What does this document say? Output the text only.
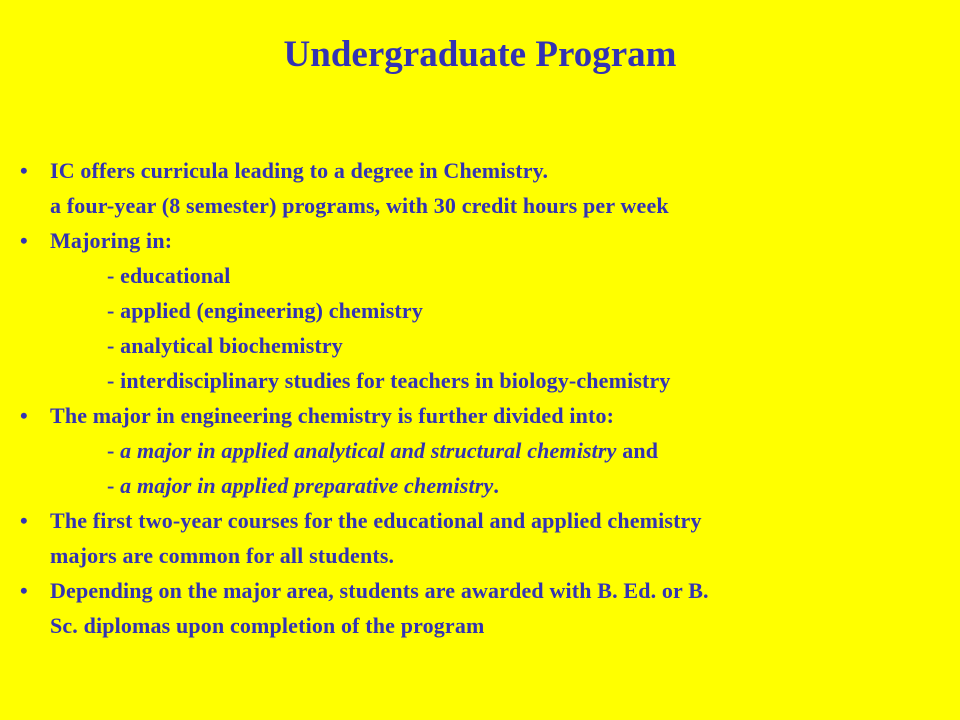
Undergraduate Program
• IC offers curricula leading to a degree in Chemistry.
a four-year (8 semester) programs, with 30 credit hours per week
• Majoring in:
- educational
- applied (engineering) chemistry
- analytical biochemistry
- interdisciplinary studies for teachers in biology-chemistry
• The major in engineering chemistry is further divided into:
- a major in applied analytical and structural chemistry and
- a major in applied preparative chemistry.
• The first two-year courses for the educational and applied chemistry
majors are common for all students.
• Depending on the major area, students are awarded with B. Ed. or B.
Sc. diplomas upon completion of the program
